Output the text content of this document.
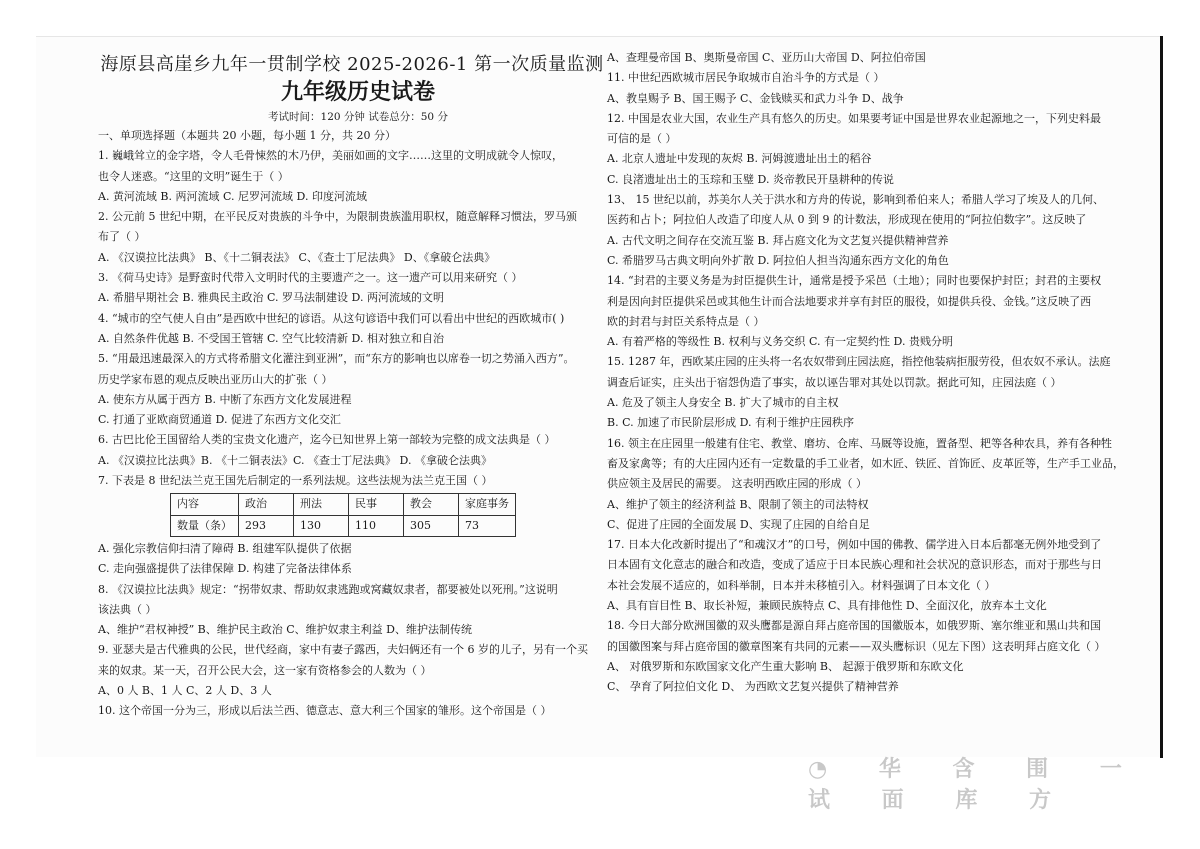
海原县高崖乡九年一贯制学校 2025-2026-1 第一次质量监测
九年级历史试卷
考试时间：120 分钟 试卷总分：50 分
一、单项选择题（本题共 20 小题，每小题 1 分，共 20 分）
1. 巍峨耸立的金字塔，令人毛骨悚然的木乃伊，美丽如画的文字……这里的文明成就令人惊叹，
也令人迷惑。“这里的文明”诞生于（ ）
A. 黄河流域 B. 两河流域 C. 尼罗河流域 D. 印度河流域
2. 公元前 5 世纪中期，在平民反对贵族的斗争中，为限制贵族滥用职权，随意解释习惯法，罗马颁
布了（ ）
A. 《汉谟拉比法典》 B、《十二铜表法》 C、《查士丁尼法典》 D、《拿破仑法典》
3. 《荷马史诗》是野蛮时代带入文明时代的主要遗产之一。这一遗产可以用来研究（ ）
A. 希腊早期社会 B. 雅典民主政治 C. 罗马法制建设 D. 两河流域的文明
4. “城市的空气使人自由”是西欧中世纪的谚语。从这句谚语中我们可以看出中世纪的西欧城市( )
A. 自然条件优越 B. 不受国王管辖 C. 空气比较清新 D. 相对独立和自治
5. “用最迅速最深入的方式将希腊文化灌注到亚洲”，而“东方的影响也以席卷一切之势涌入西方”。
历史学家布恩的观点反映出亚历山大的扩张（ ）
A. 使东方从属于西方 B. 中断了东西方文化发展进程
C. 打通了亚欧商贸通道 D. 促进了东西方文化交汇
6. 古巴比伦王国留给人类的宝贵文化遗产，迄今已知世界上第一部较为完整的成文法典是（ ）
A. 《汉谟拉比法典》B. 《十二铜表法》C. 《查士丁尼法典》 D. 《拿破仑法典》
7. 下表是 8 世纪法兰克王国先后制定的一系列法规。这些法规为法兰克王国（ ）
内容	政治	刑法	民事	教会	家庭事务
数量（条）	293	130	110	305	73
A. 强化宗教信仰扫清了障碍 B. 组建军队提供了依据
C. 走向强盛提供了法律保障 D. 构建了完备法律体系
8. 《汉谟拉比法典》规定：“拐带奴隶、帮助奴隶逃跑或窝藏奴隶者，都要被处以死刑。”这说明
该法典（ ）
A、维护“君权神授” B、维护民主政治 C、维护奴隶主利益 D、维护法制传统
9. 亚瑟夫是古代雅典的公民，世代经商，家中有妻子露西，夫妇俩还有一个 6 岁的儿子，另有一个买
来的奴隶。某一天，召开公民大会，这一家有资格参会的人数为（ ）
A、0 人 B、1 人 C、2 人 D、3 人
10. 这个帝国一分为三，形成以后法兰西、德意志、意大利三个国家的雏形。这个帝国是（ ）
A、查理曼帝国 B、奥斯曼帝国 C、亚历山大帝国 D、阿拉伯帝国
11. 中世纪西欧城市居民争取城市自治斗争的方式是（ ）
A、教皇赐予 B、国王赐予 C、金钱赎买和武力斗争 D、战争
12. 中国是农业大国，农业生产具有悠久的历史。如果要考证中国是世界农业起源地之一，下列史料最
可信的是（ ）
A. 北京人遗址中发现的灰烬 B. 河姆渡遗址出土的稻谷
C. 良渚遗址出土的玉琮和玉璧 D. 炎帝教民开垦耕种的传说
13、 15 世纪以前，苏美尔人关于洪水和方舟的传说，影响到希伯来人；希腊人学习了埃及人的几何、
医药和占卜；阿拉伯人改造了印度人从 0 到 9 的计数法，形成现在使用的“阿拉伯数字”。这反映了
A. 古代文明之间存在交流互鉴 B. 拜占庭文化为文艺复兴提供精神营养
C. 希腊罗马古典文明向外扩散 D. 阿拉伯人担当沟通东西方文化的角色
14. “封君的主要义务是为封臣提供生计，通常是授予采邑（土地）；同时也要保护封臣；封君的主要权
利是因向封臣提供采邑或其他生计而合法地要求并享有封臣的服役，如提供兵役、金钱。”这反映了西
欧的封君与封臣关系特点是（ ）
A. 有着严格的等级性 B. 权利与义务交织 C. 有一定契约性 D. 贵贱分明
15. 1287 年，西欧某庄园的庄头将一名农奴带到庄园法庭，指控他装病拒服劳役，但农奴不承认。法庭
调查后证实，庄头出于宿怨伪造了事实，故以诬告罪对其处以罚款。据此可知，庄园法庭（ ）
A. 危及了领主人身安全 B. 扩大了城市的自主权
B. C. 加速了市民阶层形成 D. 有利于维护庄园秩序
16. 领主在庄园里一般建有住宅、教堂、磨坊、仓库、马厩等设施，置备型、耙等各种农具，养有各种牲
畜及家禽等；有的大庄园内还有一定数量的手工业者，如木匠、铁匠、首饰匠、皮革匠等，生产手工业品，
供应领主及居民的需要。 这表明西欧庄园的形成（ ）
A、维护了领主的经济利益 B、限制了领主的司法特权
C、促进了庄园的全面发展 D、实现了庄园的自给自足
17. 日本大化改新时提出了“和魂汉才”的口号，例如中国的佛教、儒学进入日本后都毫无例外地受到了
日本固有文化意志的融合和改造，变成了适应于日本民族心理和社会状况的意识形态，而对于那些与日
本社会发展不适应的，如科举制，日本并未移植引入。材料强调了日本文化（ ）
A、具有盲目性 B、取长补短，兼顾民族特点 C、具有排他性 D、全面汉化，放弃本土文化
18. 今日大部分欧洲国徽的双头鹰都是源自拜占庭帝国的国徽版本，如俄罗斯、塞尔维亚和黑山共和国
的国徽图案与拜占庭帝国的徽章图案有共同的元素——双头鹰标识（见左下图）这表明拜占庭文化（ ）
A、 对俄罗斯和东欧国家文化产生重大影响 B、 起源于俄罗斯和东欧文化
C、 孕育了阿拉伯文化 D、 为西欧文艺复兴提供了精神营养
◔ 华 含 围 一 试 面 库 方
